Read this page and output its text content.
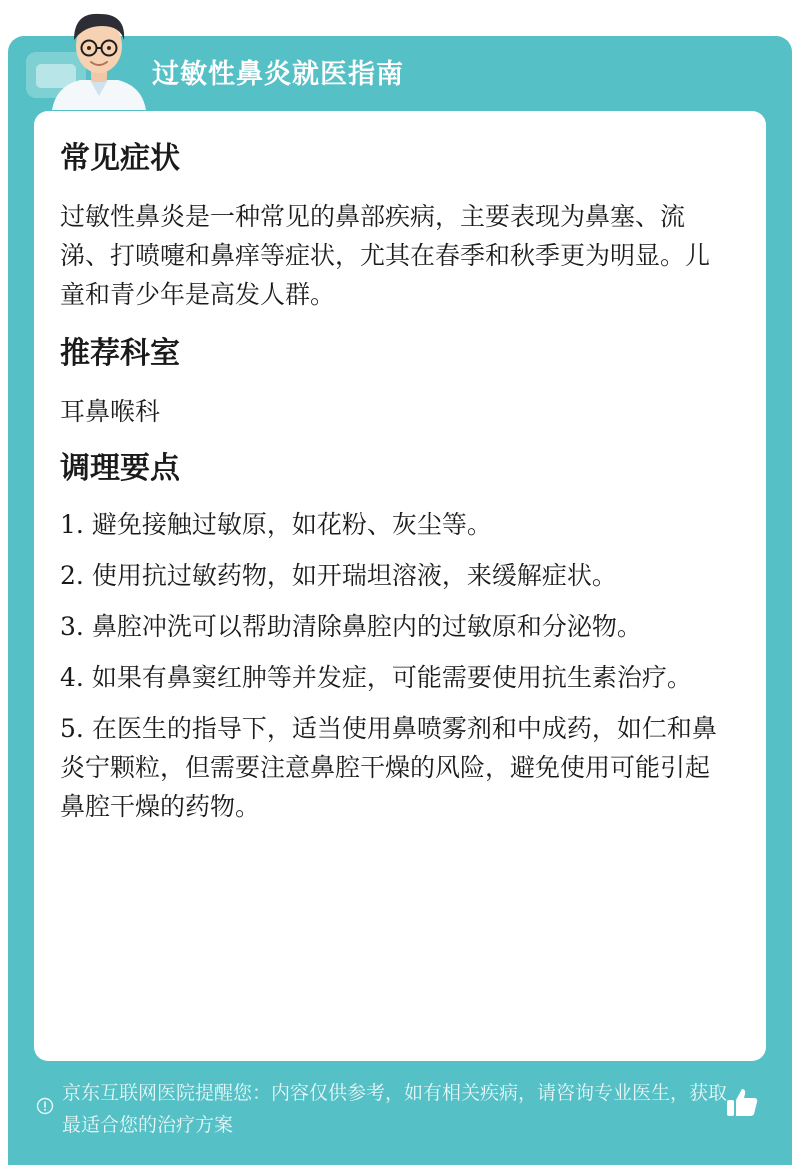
过敏性鼻炎就医指南
常见症状

过敏性鼻炎是一种常见的鼻部疾病，主要表现为鼻塞、流涕、打喷嚏和鼻痒等症状，尤其在春季和秋季更为明显。儿童和青少年是高发人群。

推荐科室

耳鼻喉科

调理要点

1. 避免接触过敏原，如花粉、灰尘等。

2. 使用抗过敏药物，如开瑞坦溶液，来缓解症状。

3. 鼻腔冲洗可以帮助清除鼻腔内的过敏原和分泌物。

4. 如果有鼻窦红肿等并发症，可能需要使用抗生素治疗。

5. 在医生的指导下，适当使用鼻喷雾剂和中成药，如仁和鼻炎宁颗粒，但需要注意鼻腔干燥的风险，避免使用可能引起鼻腔干燥的药物。

京东互联网医院提醒您：内容仅供参考，如有相关疾病，请咨询专业医生，获取最适合您的治疗方案
